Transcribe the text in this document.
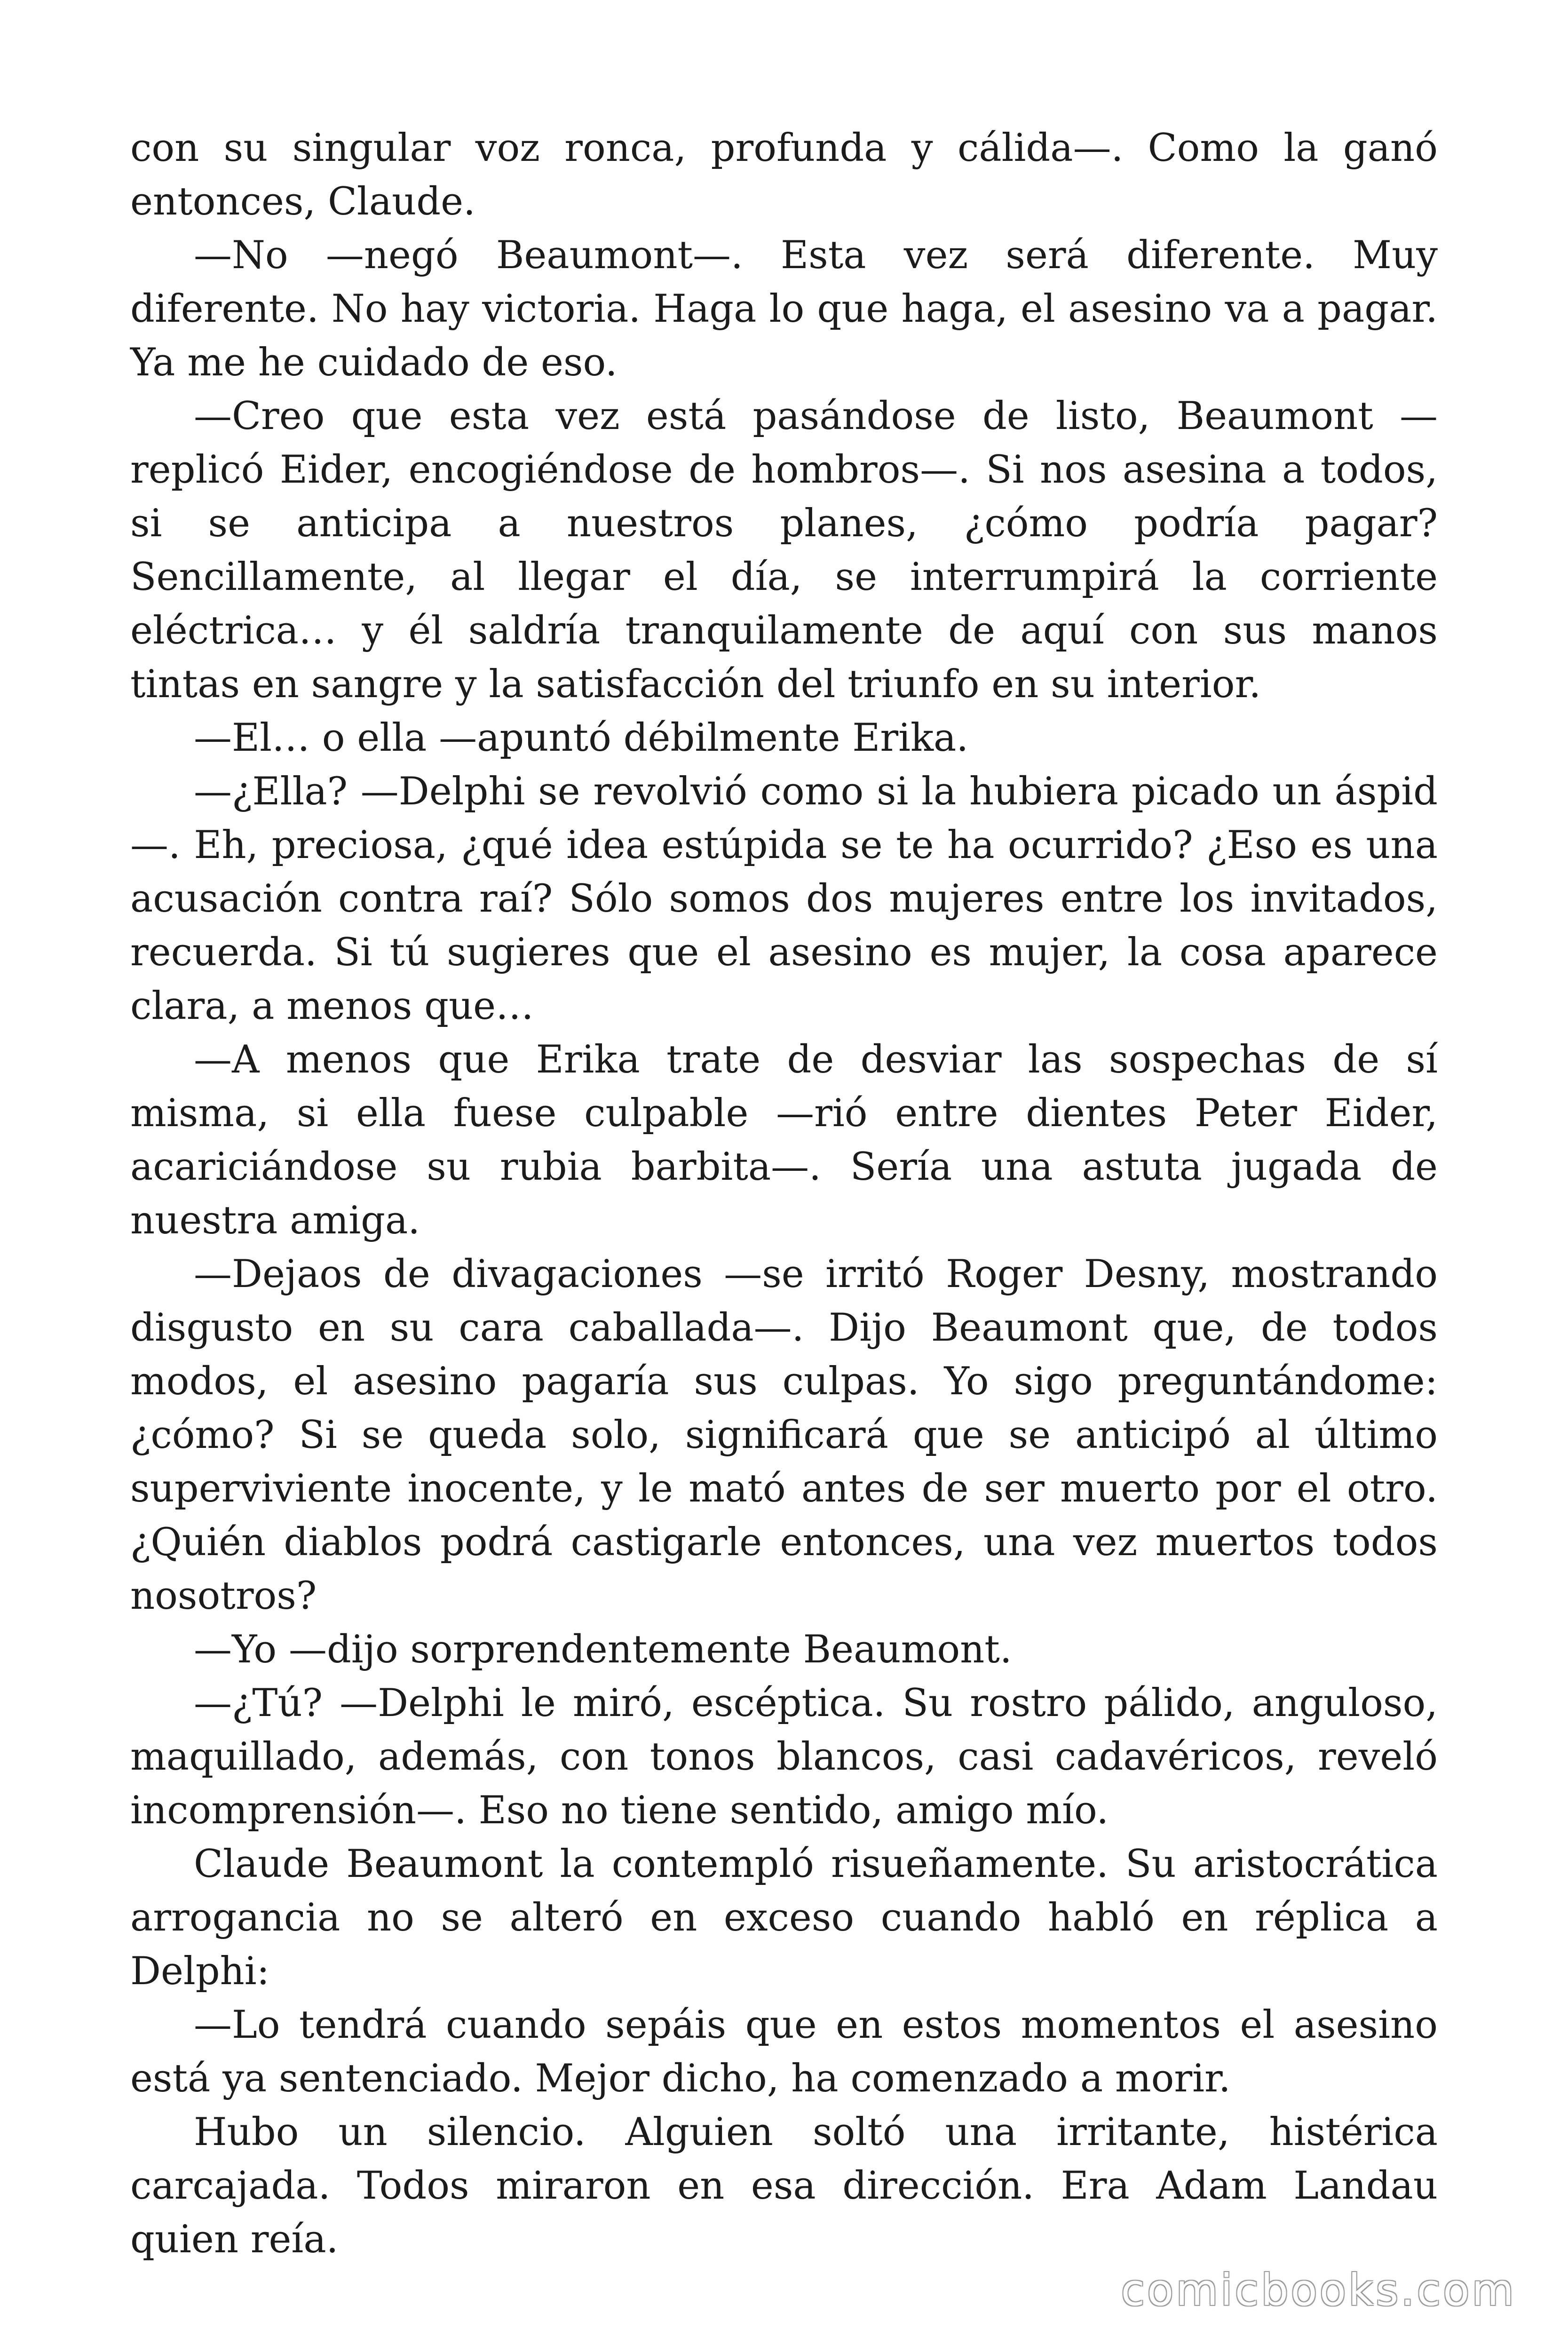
con su singular voz ronca, profunda y cálida—. Como la ganó entonces, Claude.

—No —negó Beaumont—. Esta vez será diferente. Muy diferente. No hay victoria. Haga lo que haga, el asesino va a pagar. Ya me he cuidado de eso.

—Creo que esta vez está pasándose de listo, Beaumont —replicó Eider, encogiéndose de hombros—. Si nos asesina a todos, si se anticipa a nuestros planes, ¿cómo podría pagar? Sencillamente, al llegar el día, se interrumpirá la corriente eléctrica… y él saldría tranquilamente de aquí con sus manos tintas en sangre y la satisfacción del triunfo en su interior.

—El… o ella —apuntó débilmente Erika.

—¿Ella? —Delphi se revolvió como si la hubiera picado un áspid —. Eh, preciosa, ¿qué idea estúpida se te ha ocurrido? ¿Eso es una acusación contra raí? Sólo somos dos mujeres entre los invitados, recuerda. Si tú sugieres que el asesino es mujer, la cosa aparece clara, a menos que…

—A menos que Erika trate de desviar las sospechas de sí misma, si ella fuese culpable —rió entre dientes Peter Eider, acariciándose su rubia barbita—. Sería una astuta jugada de nuestra amiga.

—Dejaos de divagaciones —se irritó Roger Desny, mostrando disgusto en su cara caballada—. Dijo Beaumont que, de todos modos, el asesino pagaría sus culpas. Yo sigo preguntándome: ¿cómo? Si se queda solo, significará que se anticipó al último superviviente inocente, y le mató antes de ser muerto por el otro. ¿Quién diablos podrá castigarle entonces, una vez muertos todos nosotros?

—Yo —dijo sorprendentemente Beaumont.

—¿Tú? —Delphi le miró, escéptica. Su rostro pálido, anguloso, maquillado, además, con tonos blancos, casi cadavéricos, reveló incomprensión—. Eso no tiene sentido, amigo mío.

Claude Beaumont la contempló risueñamente. Su aristocrática arrogancia no se alteró en exceso cuando habló en réplica a Delphi:

—Lo tendrá cuando sepáis que en estos momentos el asesino está ya sentenciado. Mejor dicho, ha comenzado a morir.

Hubo un silencio. Alguien soltó una irritante, histérica carcajada. Todos miraron en esa dirección. Era Adam Landau quien reía.

comicbooks.com
